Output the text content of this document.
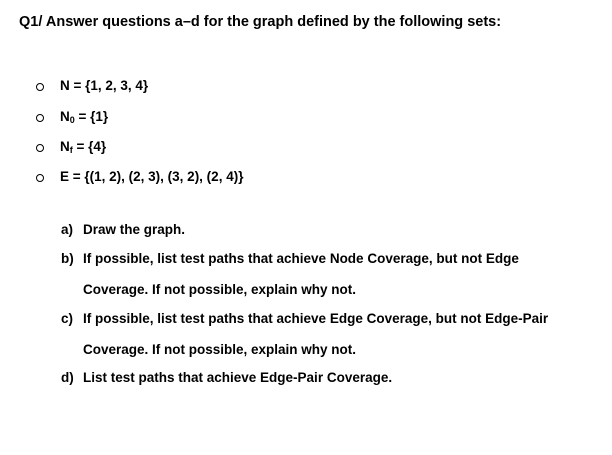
Q1/ Answer questions a–d for the graph defined by the following sets:
N = {1, 2, 3, 4}
$N_0 = \{1\}$
$N_f = \{4\}$
E = {(1, 2), (2, 3), (3, 2), (2, 4)}
a) Draw the graph.
b) If possible, list test paths that achieve Node Coverage, but not Edge
Coverage. If not possible, explain why not.
c) If possible, list test paths that achieve Edge Coverage, but not Edge-Pair
Coverage. If not possible, explain why not.
d) List test paths that achieve Edge-Pair Coverage.
